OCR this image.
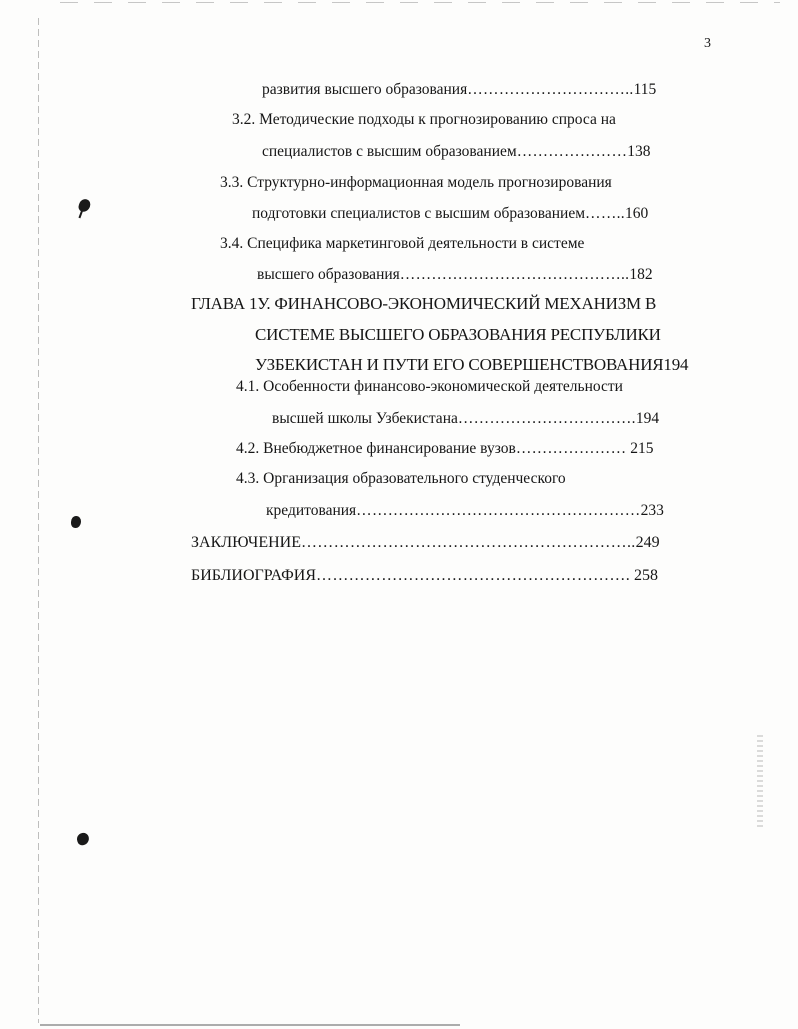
3
развития высшего образования ………………………….. 115
3.2. Методические подходы к прогнозированию спроса на
специалистов с высшим образованием ………………… 138
3.3. Структурно-информационная модель прогнозирования
подготовки специалистов с высшим образованием …….. 160
3.4. Специфика маркетинговой деятельности в системе
высшего образования …………………………………….. 182
ГЛАВА 1У. ФИНАНСОВО-ЭКОНОМИЧЕСКИЙ МЕХАНИЗМ В
СИСТЕМЕ ВЫСШЕГО ОБРАЗОВАНИЯ РЕСПУБЛИКИ
УЗБЕКИСТАН И ПУТИ ЕГО СОВЕРШЕНСТВОВАНИЯ 194
4.1. Особенности финансово-экономической деятельности
высшей школы Узбекистана ……………………………. 194
4.2. Внебюджетное финансирование вузов ………………… 215
4.3. Организация образовательного студенческого
кредитования ……………………………………………… 233
ЗАКЛЮЧЕНИЕ …………………………………………………….. 249
БИБЛИОГРАФИЯ …………………………………………………. 258
